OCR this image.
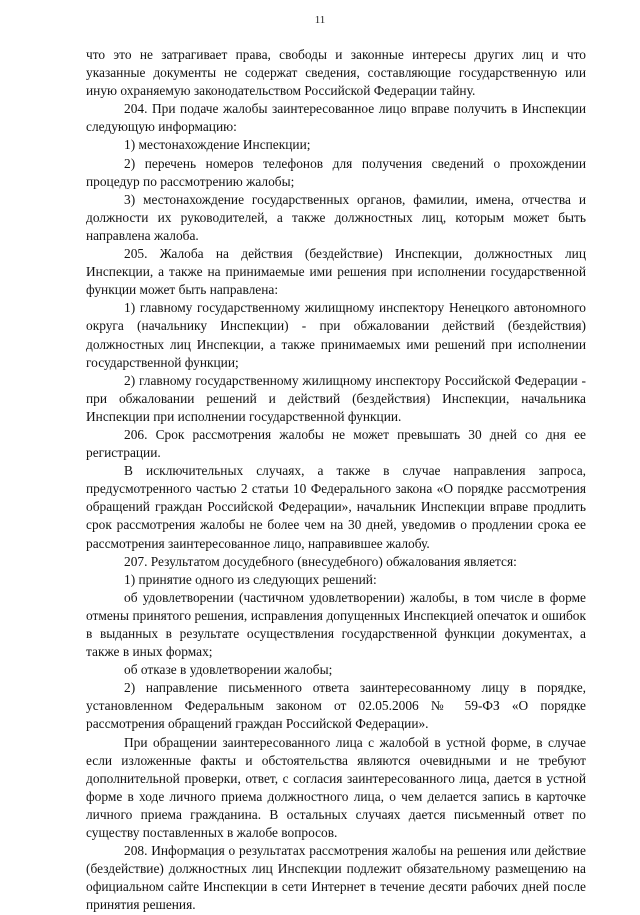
11

что это не затрагивает права, свободы и законные интересы других лиц и что указанные документы не содержат сведения, составляющие государственную или иную охраняемую законодательством Российской Федерации тайну.

204. При подаче жалобы заинтересованное лицо вправе получить в Инспекции следующую информацию:

1) местонахождение Инспекции;

2) перечень номеров телефонов для получения сведений о прохождении процедур по рассмотрению жалобы;

3) местонахождение государственных органов, фамилии, имена, отчества и должности их руководителей, а также должностных лиц, которым может быть направлена жалоба.

205. Жалоба на действия (бездействие) Инспекции, должностных лиц Инспекции, а также на принимаемые ими решения при исполнении государственной функции может быть направлена:

1) главному государственному жилищному инспектору Ненецкого автономного округа (начальнику Инспекции) - при обжаловании действий (бездействия) должностных лиц Инспекции, а также принимаемых ими решений при исполнении государственной функции;

2) главному государственному жилищному инспектору Российской Федерации - при обжаловании решений и действий (бездействия) Инспекции, начальника Инспекции при исполнении государственной функции.

206. Срок рассмотрения жалобы не может превышать 30 дней со дня ее регистрации.

В исключительных случаях, а также в случае направления запроса, предусмотренного частью 2 статьи 10 Федерального закона «О порядке рассмотрения обращений граждан Российской Федерации», начальник Инспекции вправе продлить срок рассмотрения жалобы не более чем на 30 дней, уведомив о продлении срока ее рассмотрения заинтересованное лицо, направившее жалобу.

207. Результатом досудебного (внесудебного) обжалования является:

1) принятие одного из следующих решений:

об удовлетворении (частичном удовлетворении) жалобы, в том числе в форме отмены принятого решения, исправления допущенных Инспекцией опечаток и ошибок в выданных в результате осуществления государственной функции документах, а также в иных формах;

об отказе в удовлетворении жалобы;

2) направление письменного ответа заинтересованному лицу в порядке, установленном Федеральным законом от 02.05.2006 № 59-ФЗ «О порядке рассмотрения обращений граждан Российской Федерации».

При обращении заинтересованного лица с жалобой в устной форме, в случае если изложенные факты и обстоятельства являются очевидными и не требуют дополнительной проверки, ответ, с согласия заинтересованного лица, дается в устной форме в ходе личного приема должностного лица, о чем делается запись в карточке личного приема гражданина. В остальных случаях дается письменный ответ по существу поставленных в жалобе вопросов.

208. Информация о результатах рассмотрения жалобы на решения или действие (бездействие) должностных лиц Инспекции подлежит обязательному размещению на официальном сайте Инспекции в сети Интернет в течение десяти рабочих дней после принятия решения.
